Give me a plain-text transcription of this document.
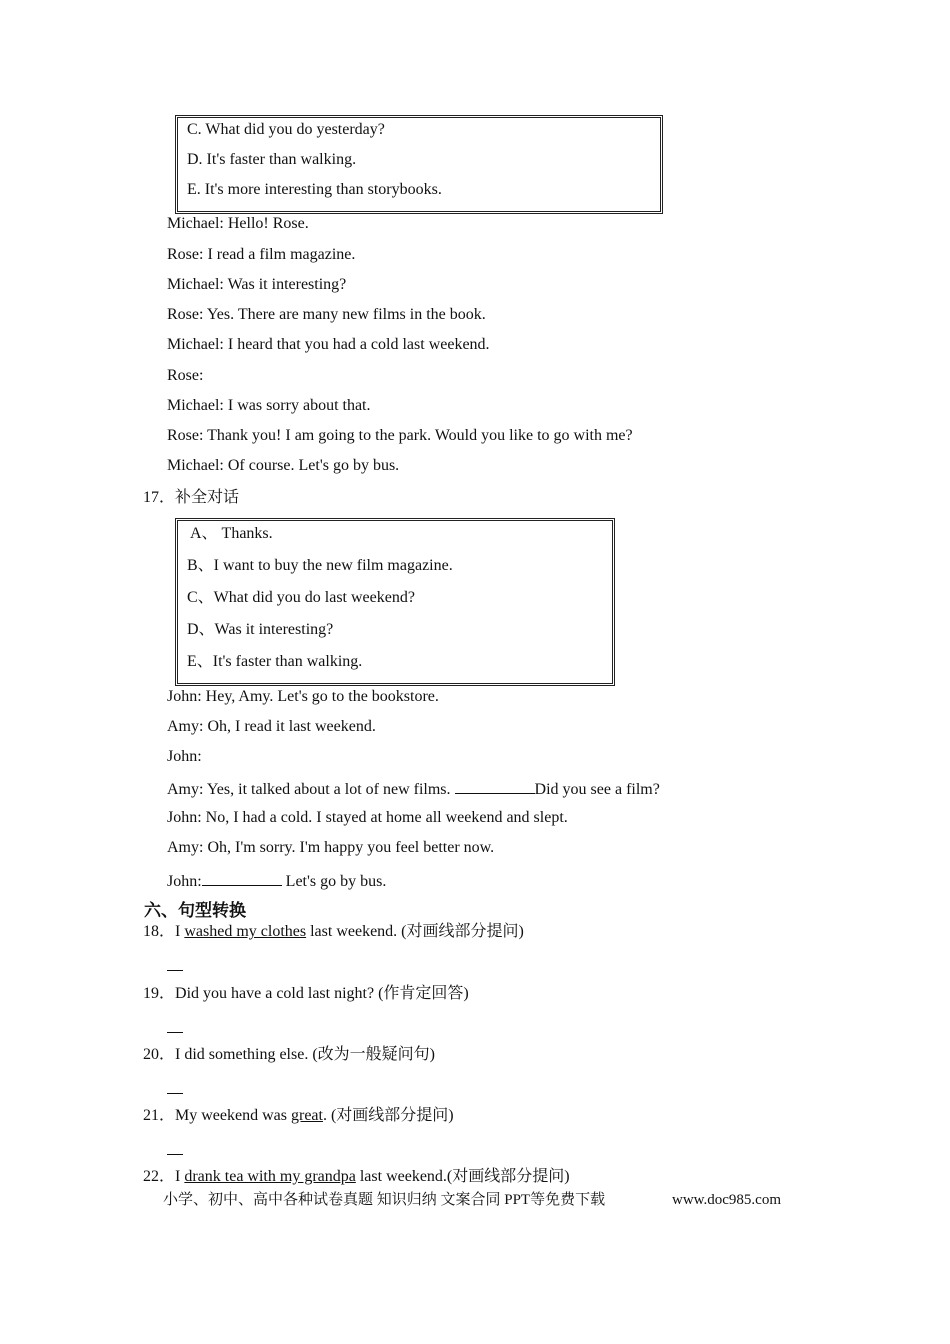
C. What did you do yesterday?
D. It's faster than walking.
E. It's more interesting than storybooks.
Michael: Hello! Rose.
Rose: I read a film magazine.
Michael: Was it interesting?
Rose: Yes. There are many new films in the book.
Michael: I heard that you had a cold last weekend.
Rose:
Michael: I was sorry about that.
Rose: Thank you! I am going to the park. Would you like to go with me?
Michael: Of course. Let's go by bus.
17．补全对话
A、 Thanks.
B、I want to buy the new film magazine.
C、What did you do last weekend?
D、Was it interesting?
E、It's faster than walking.
John: Hey, Amy. Let's go to the bookstore.
Amy: Oh, I read it last weekend.
John:
Amy: Yes, it talked about a lot of new films.	Did you see a film?
John: No, I had a cold. I stayed at home all weekend and slept.
Amy: Oh, I'm sorry. I'm happy you feel better now.
John:	Let's go by bus.
六、句型转换
18．I washed my clothes last weekend. (对画线部分提问)
19．Did you have a cold last night? (作肯定回答)
20．I did something else. (改为一般疑问句)
21．My weekend was great. (对画线部分提问)
22．I drank tea with my grandpa last weekend.(对画线部分提问)
小学、初中、高中各种试卷真题 知识归纳 文案合同 PPT等免费下载	www.doc985.com
